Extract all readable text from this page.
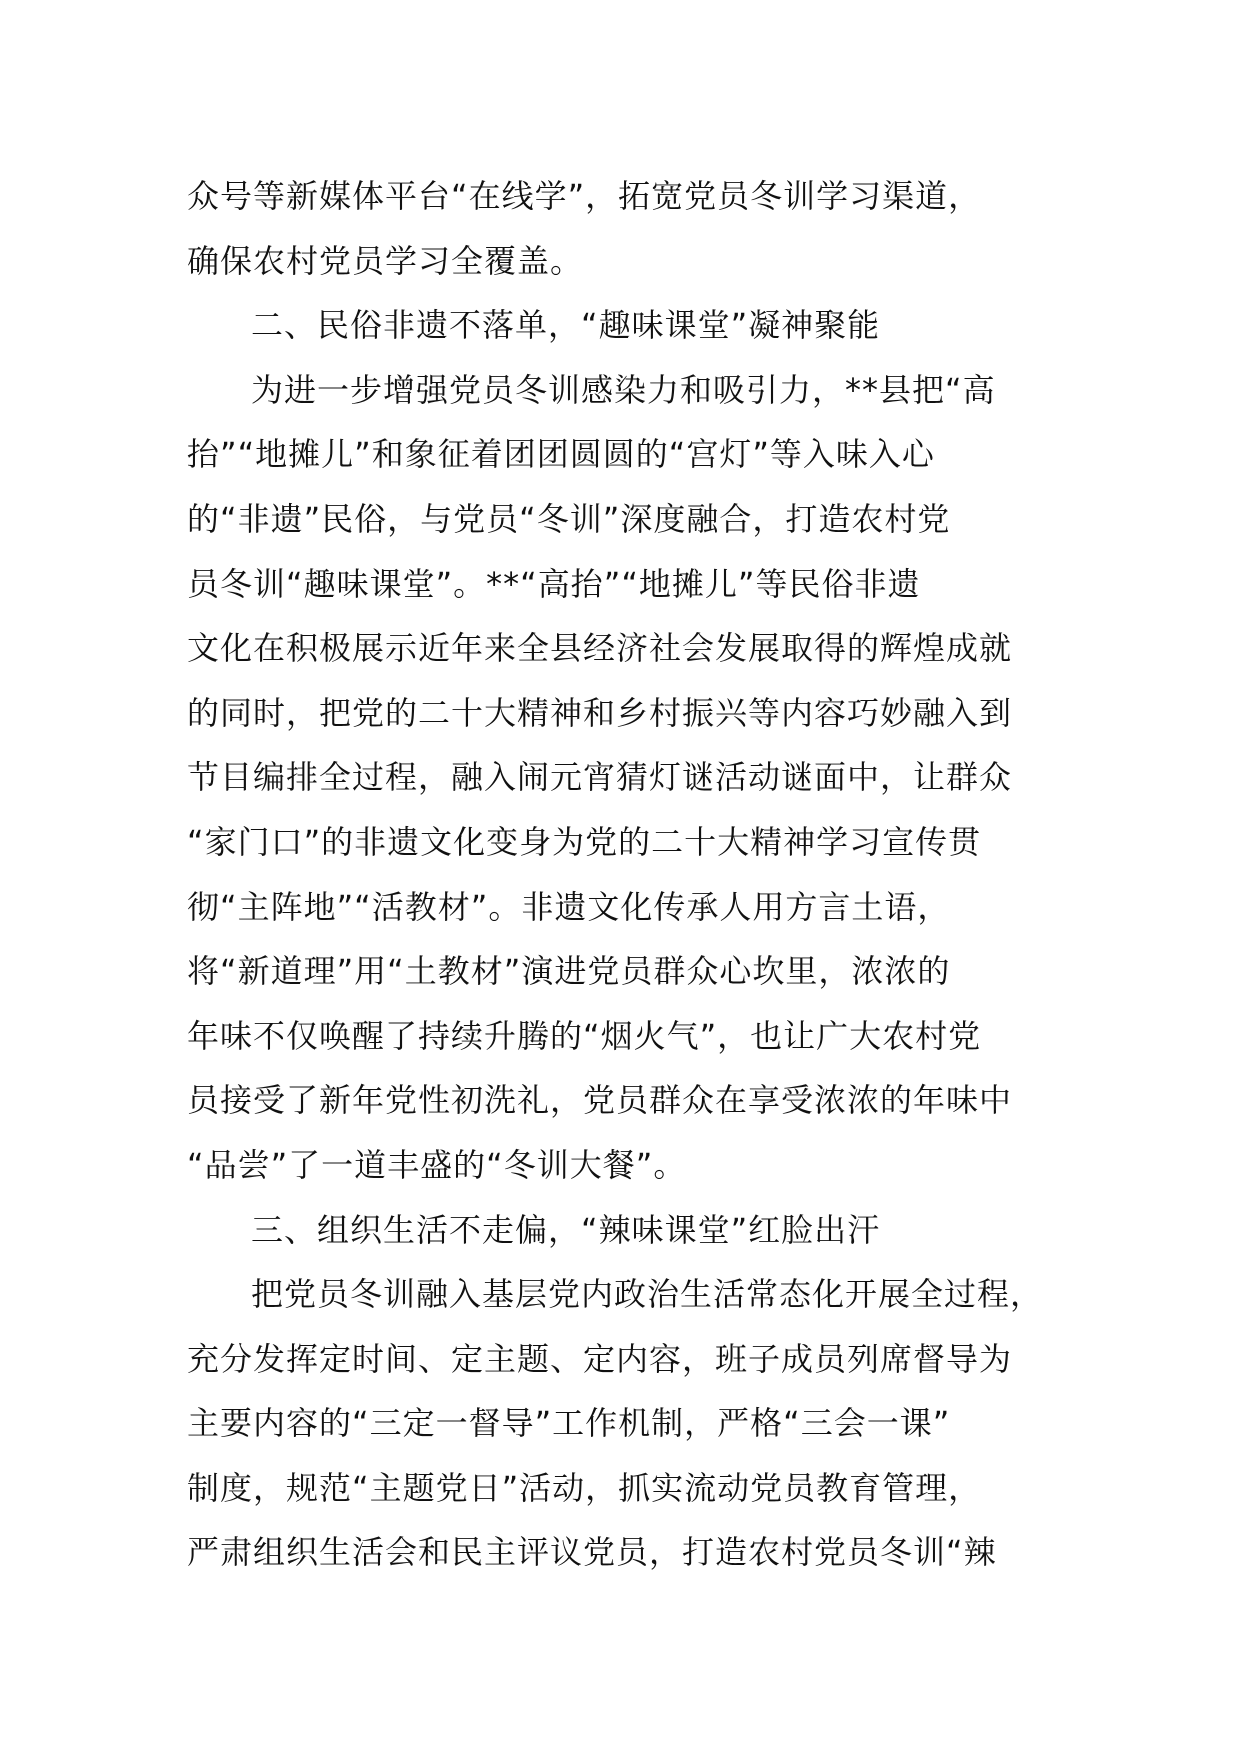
众号等新媒体平台“在线学”，拓宽党员冬训学习渠道，
确保农村党员学习全覆盖。
二、民俗非遗不落单，“趣味课堂”凝神聚能
为进一步增强党员冬训感染力和吸引力，**县把“高
抬”“地摊儿”和象征着团团圆圆的“宫灯”等入味入心
的“非遗”民俗，与党员“冬训”深度融合，打造农村党
员冬训“趣味课堂”。**“高抬”“地摊儿”等民俗非遗
文化在积极展示近年来全县经济社会发展取得的辉煌成就
的同时，把党的二十大精神和乡村振兴等内容巧妙融入到
节目编排全过程，融入闹元宵猜灯谜活动谜面中，让群众
“家门口”的非遗文化变身为党的二十大精神学习宣传贯
彻“主阵地”“活教材”。非遗文化传承人用方言土语，
将“新道理”用“土教材”演进党员群众心坎里，浓浓的
年味不仅唤醒了持续升腾的“烟火气”，也让广大农村党
员接受了新年党性初洗礼，党员群众在享受浓浓的年味中
“品尝”了一道丰盛的“冬训大餐”。
三、组织生活不走偏，“辣味课堂”红脸出汗
把党员冬训融入基层党内政治生活常态化开展全过程，
充分发挥定时间、定主题、定内容，班子成员列席督导为
主要内容的“三定一督导”工作机制，严格“三会一课”
制度，规范“主题党日”活动，抓实流动党员教育管理，
严肃组织生活会和民主评议党员，打造农村党员冬训“辣
